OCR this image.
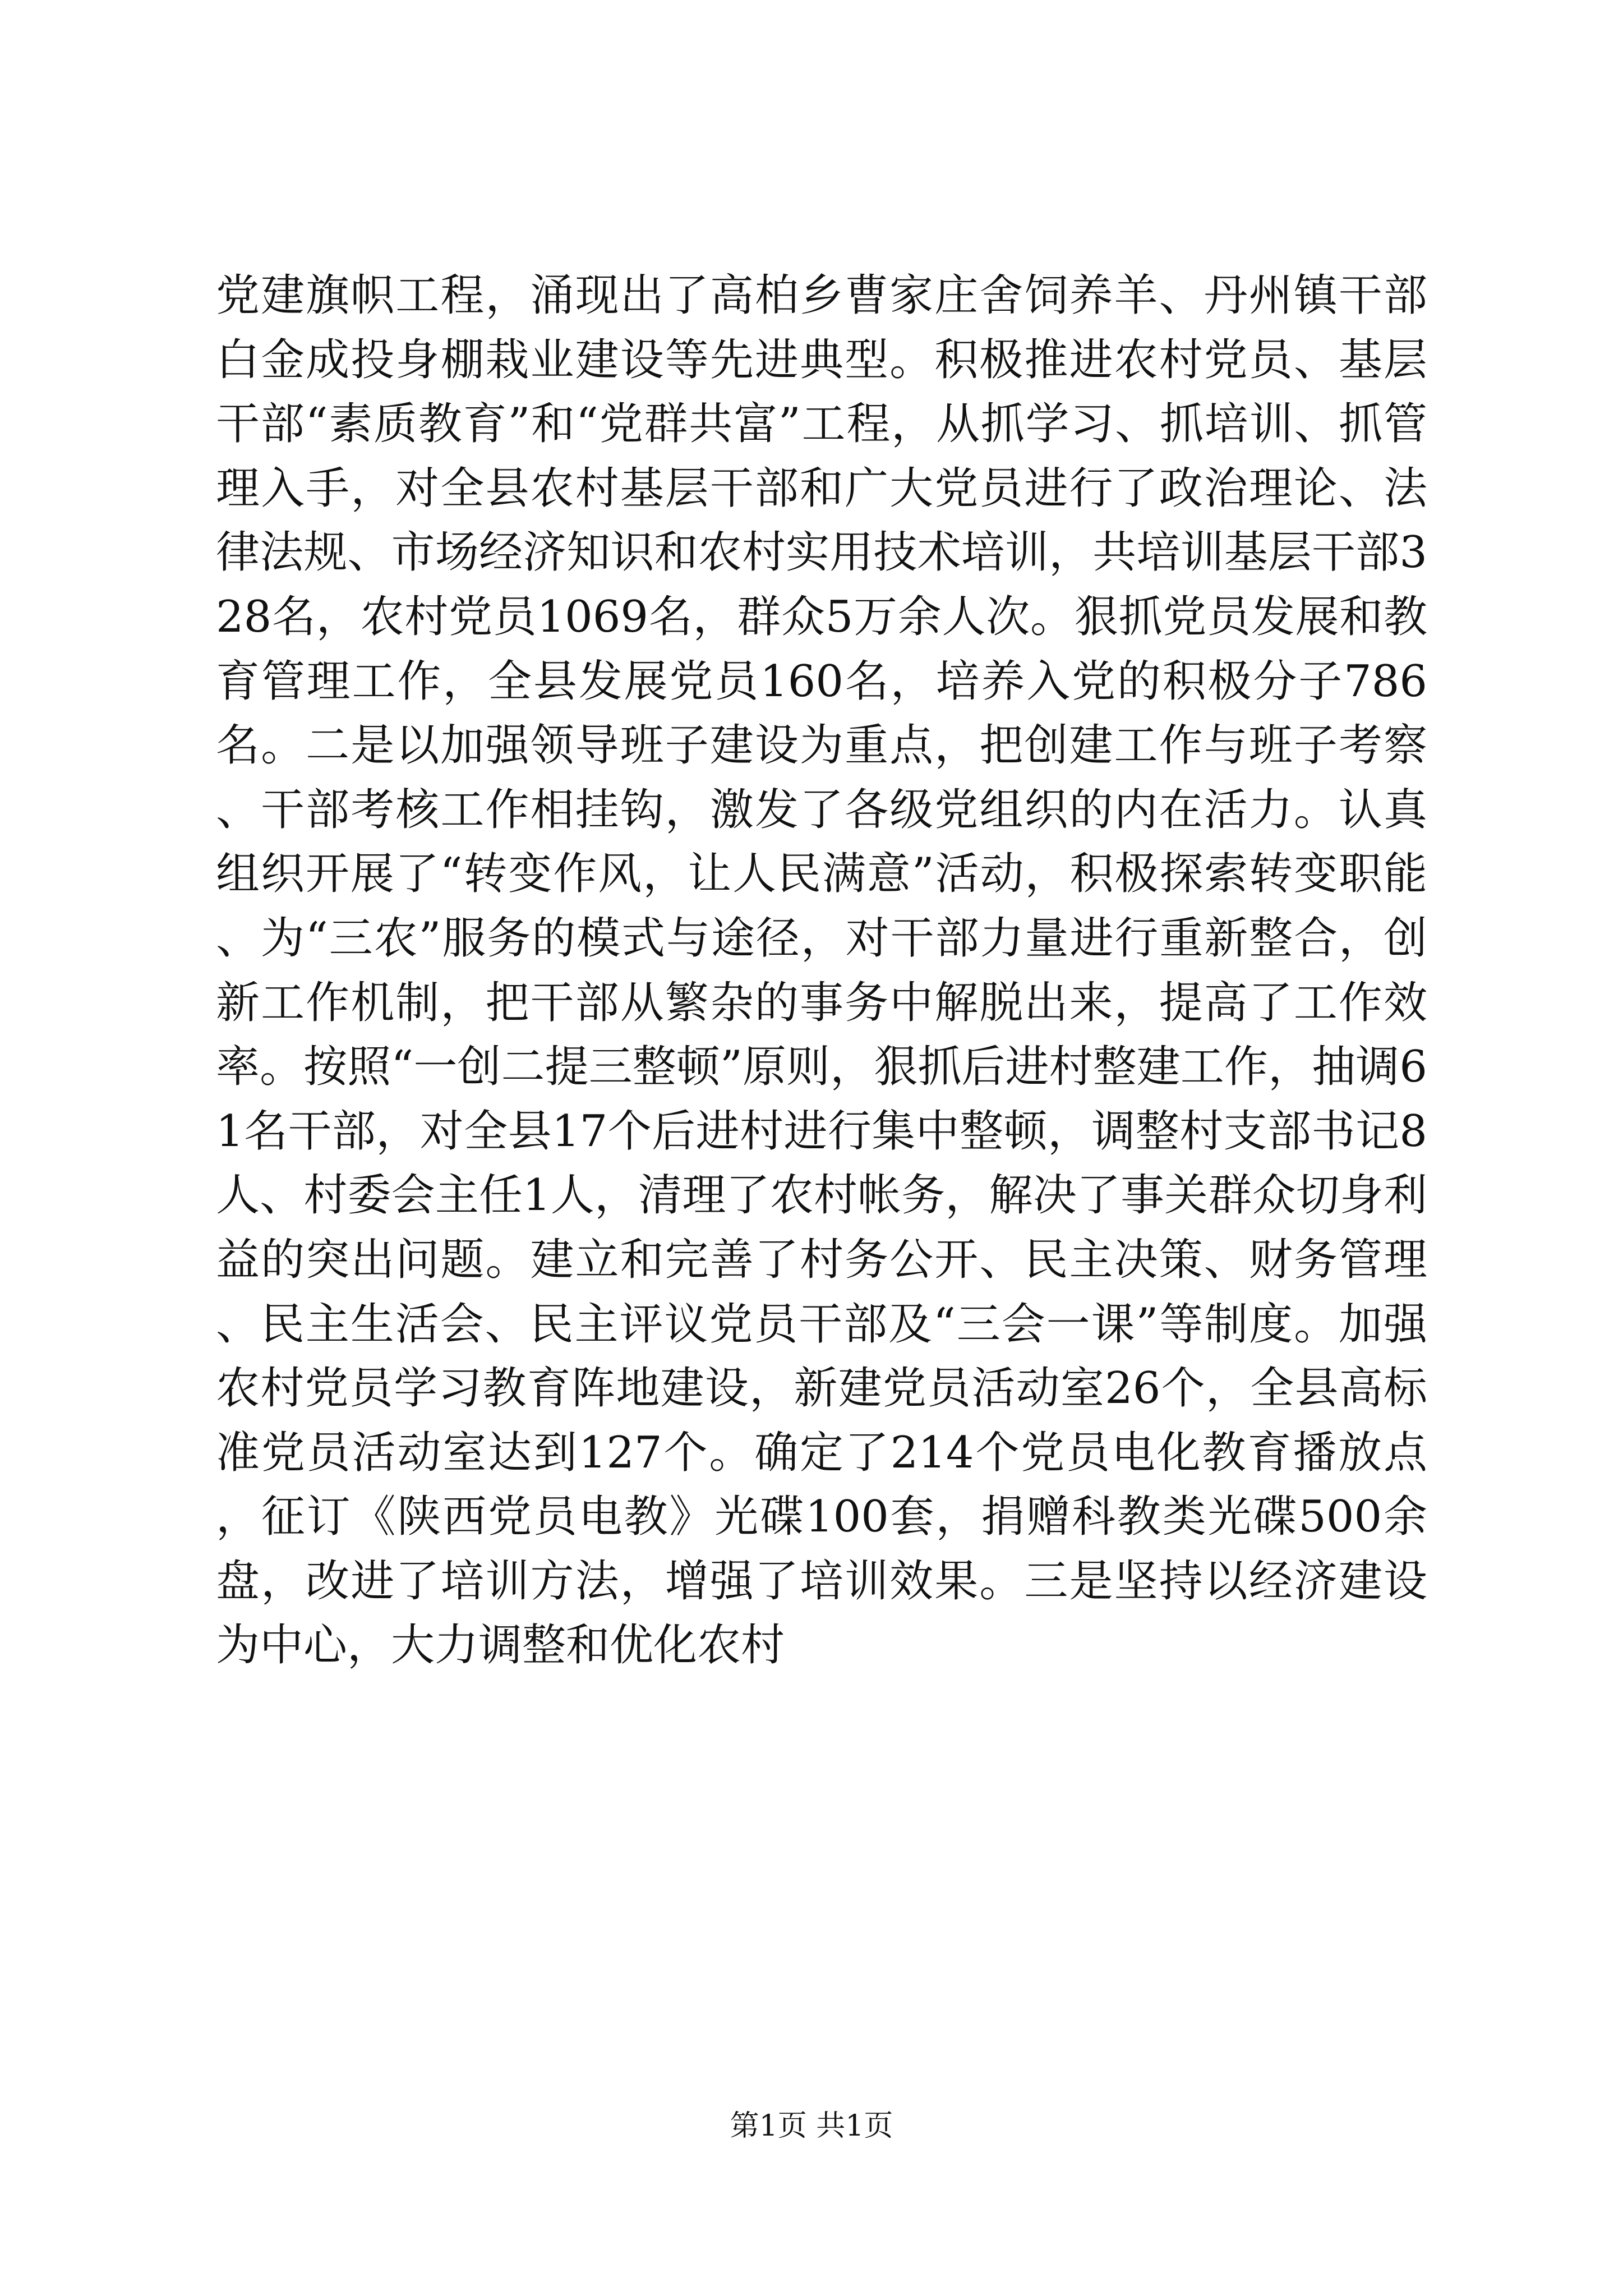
党建旗帜工程，涌现出了高柏乡曹家庄舍饲养羊、丹州镇干部白金成投身棚栽业建设等先进典型。积极推进农村党员、基层干部“素质教育”和“党群共富”工程，从抓学习、抓培训、抓管理入手，对全县农村基层干部和广大党员进行了政治理论、法律法规、市场经济知识和农村实用技术培训，共培训基层干部328名，农村党员1069名，群众5万余人次。狠抓党员发展和教育管理工作，全县发展党员160名，培养入党的积极分子786名。二是以加强领导班子建设为重点，把创建工作与班子考察、干部考核工作相挂钩，激发了各级党组织的内在活力。认真组织开展了“转变作风，让人民满意”活动，积极探索转变职能、为“三农”服务的模式与途径，对干部力量进行重新整合，创新工作机制，把干部从繁杂的事务中解脱出来，提高了工作效率。按照“一创二提三整顿”原则，狠抓后进村整建工作，抽调61名干部，对全县17个后进村进行集中整顿，调整村支部书记8人、村委会主任1人，清理了农村帐务，解决了事关群众切身利益的突出问题。建立和完善了村务公开、民主决策、财务管理、民主生活会、民主评议党员干部及“三会一课”等制度。加强农村党员学习教育阵地建设，新建党员活动室26个，全县高标准党员活动室达到127个。确定了214个党员电化教育播放点，征订《陕西党员电教》光碟100套，捐赠科教类光碟500余盘，改进了培训方法，增强了培训效果。三是坚持以经济建设为中心，大力调整和优化农村

第1页 共1页
